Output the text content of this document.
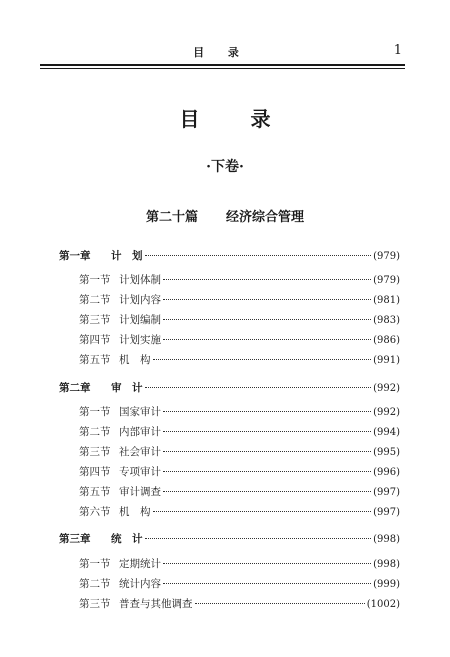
目 录	1
目 录
·下卷·
第二十篇 经济综合管理
第一章	计　划	(979)
第一节 计划体制	(979)
第二节 计划内容	(981)
第三节 计划编制	(983)
第四节 计划实施	(986)
第五节 机　构	(991)
第二章	审　计	(992)
第一节 国家审计	(992)
第二节 内部审计	(994)
第三节 社会审计	(995)
第四节 专项审计	(996)
第五节 审计调查	(997)
第六节 机　构	(997)
第三章	统　计	(998)
第一节 定期统计	(998)
第二节 统计内容	(999)
第三节 普查与其他调查	(1002)
